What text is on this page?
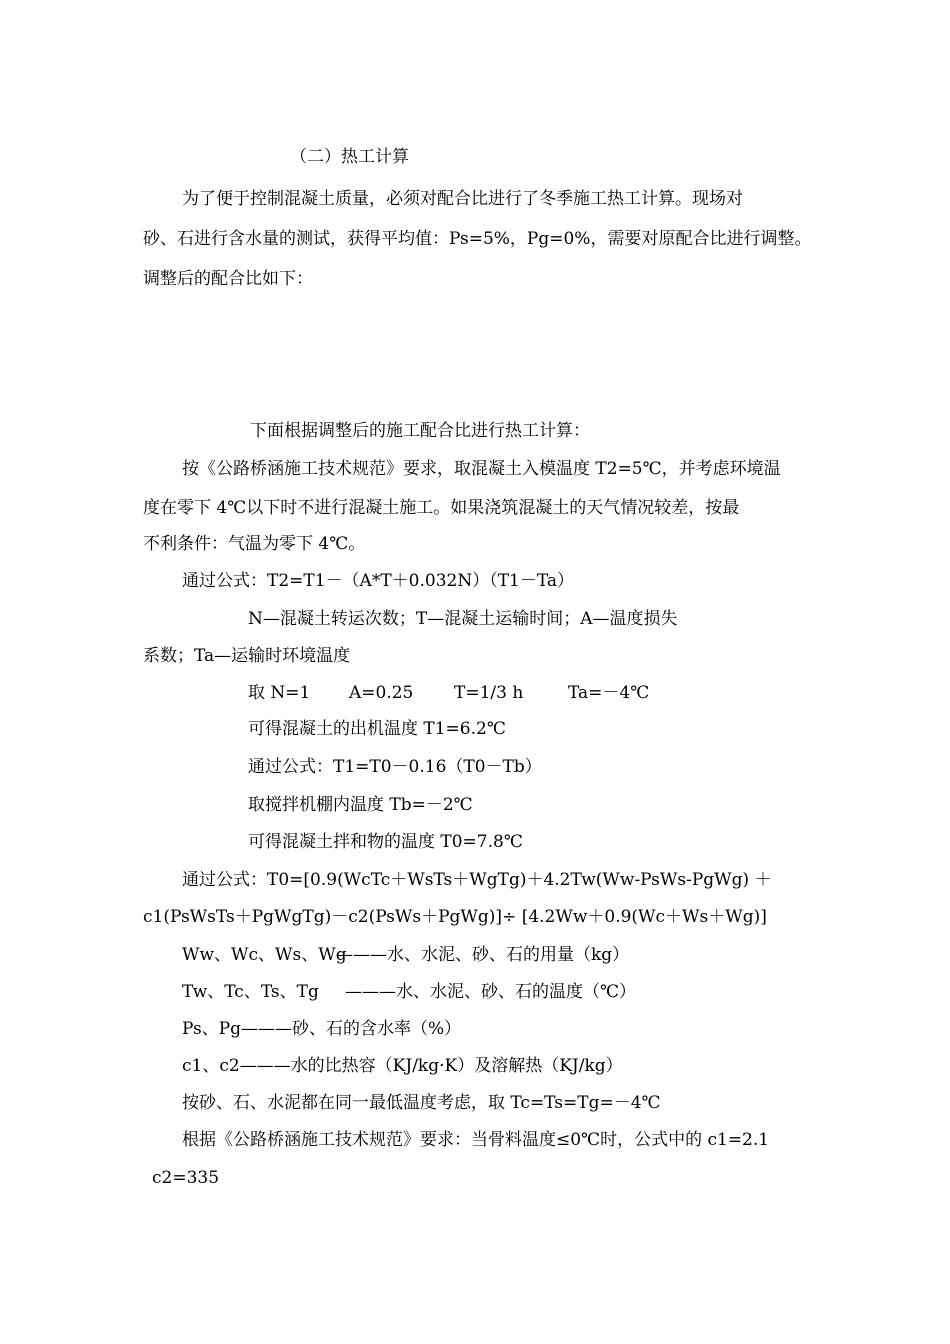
（二）热工计算
为了便于控制混凝土质量，必须对配合比进行了冬季施工热工计算。现场对
砂、石进行含水量的测试，获得平均值：Ps=5%，Pg=0%，需要对原配合比进行调整。
调整后的配合比如下：
下面根据调整后的施工配合比进行热工计算：
按《公路桥涵施工技术规范》要求，取混凝土入模温度 T2=5℃，并考虑环境温
度在零下 4℃以下时不进行混凝土施工。如果浇筑混凝土的天气情况较差，按最
不利条件：气温为零下 4℃。
通过公式：T2=T1－（A*T＋0.032N）（T1－Ta）
N—混凝土转运次数；T—混凝土运输时间；A—温度损失
系数；Ta—运输时环境温度
取 N=1 A=0.25 T=1/3 h	Ta=－4℃
可得混凝土的出机温度 T1=6.2℃
通过公式：T1=T0－0.16（T0－Tb）
取搅拌机棚内温度 Tb=－2℃
可得混凝土拌和物的温度 T0=7.8℃
通过公式：T0=[0.9(WcTc＋WsTs＋WgTg)＋4.2Tw(Ww-PsWs-PgWg) ＋
c1(PsWsTs＋PgWgTg)－c2(PsWs＋PgWg)]÷ [4.2Ww＋0.9(Wc＋Ws＋Wg)]
Ww、Wc、Ws、Wg
———水、水泥、砂、石的用量（kg）
Tw、Tc、Ts、Tg ———水、水泥、砂、石的温度（℃）
Ps、Pg———砂、石的含水率（%）
c1、c2———水的比热容（KJ/kg·K）及溶解热（KJ/kg）
按砂、石、水泥都在同一最低温度考虑，取 Tc=Ts=Tg=－4℃
根据《公路桥涵施工技术规范》要求：当骨料温度≤0℃时，公式中的 c1=2.1
c2=335
